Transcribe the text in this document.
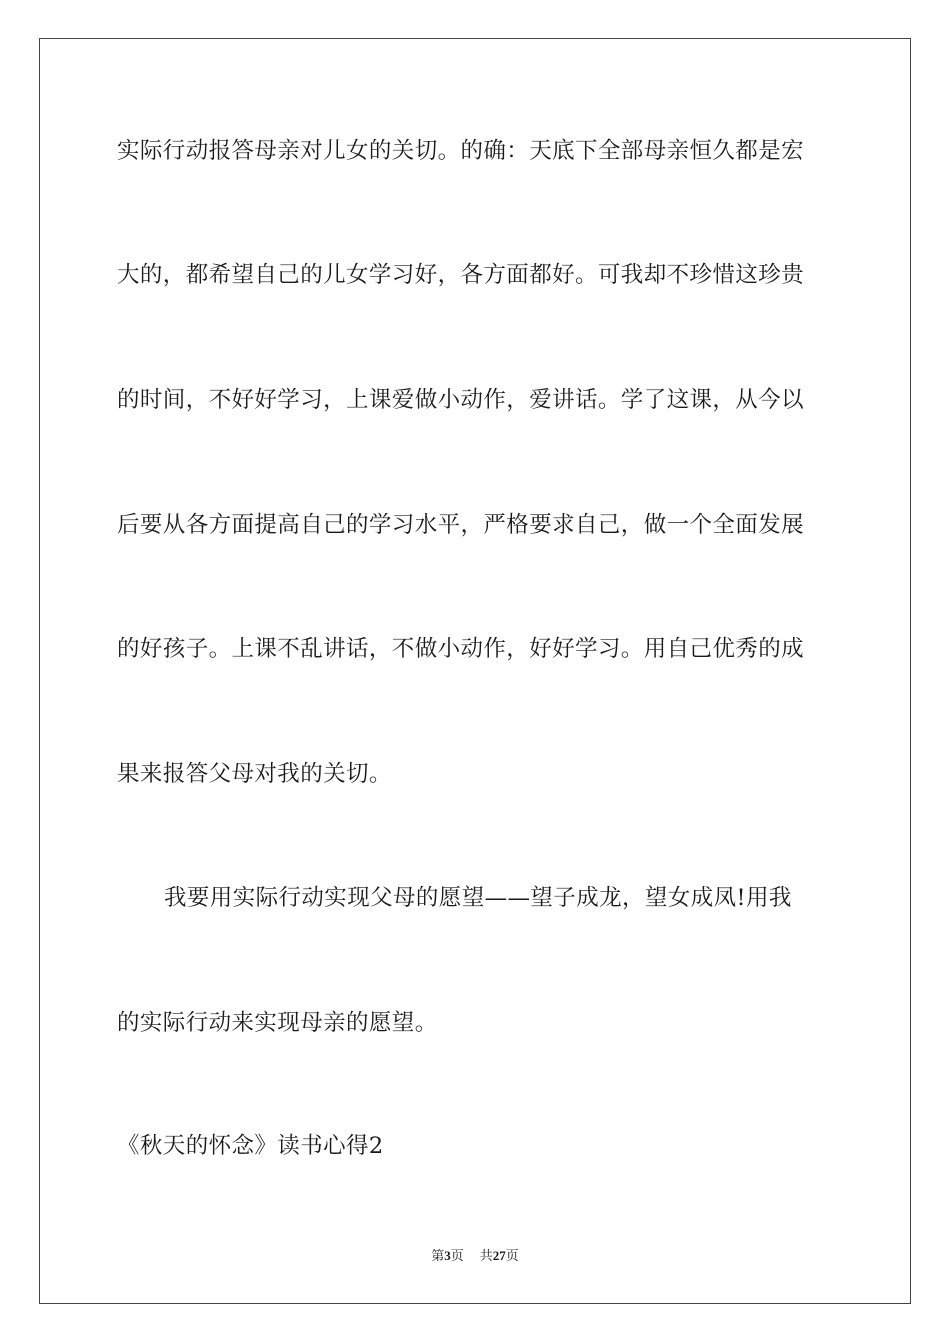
实际行动报答母亲对儿女的关切。的确：天底下全部母亲恒久都是宏
大的，都希望自己的儿女学习好，各方面都好。可我却不珍惜这珍贵
的时间，不好好学习，上课爱做小动作，爱讲话。学了这课，从今以
后要从各方面提高自己的学习水平，严格要求自己，做一个全面发展
的好孩子。上课不乱讲话，不做小动作，好好学习。用自己优秀的成
果来报答父母对我的关切。
我要用实际行动实现父母的愿望——望子成龙，望女成凤!用我
的实际行动来实现母亲的愿望。
《秋天的怀念》读书心得2
第3页 共27页
